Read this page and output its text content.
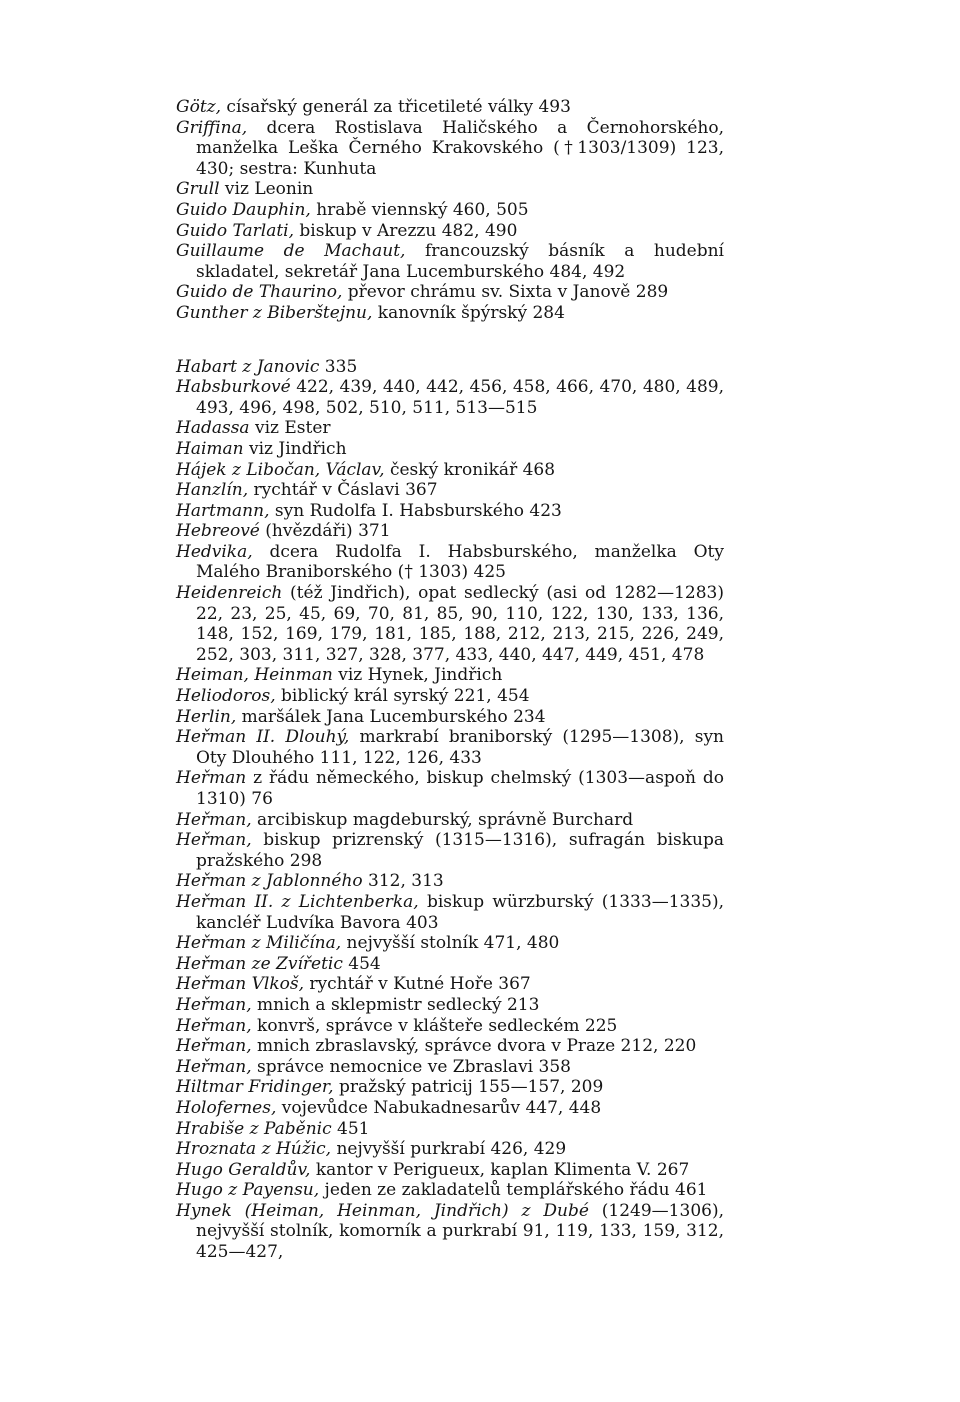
Götz, císařský generál za třicetileté války 493
Griffina, dcera Rostislava Haličského a Černohorského, manželka Leška Černého Krakovského (†1303/1309) 123, 430; sestra: Kunhuta
Grull viz Leonin
Guido Dauphin, hrabě viennský 460, 505
Guido Tarlati, biskup v Arezzu 482, 490
Guillaume de Machaut, francouzský básník a hudební skladatel, sekretář Jana Lucemburského 484, 492
Guido de Thaurino, převor chrámu sv. Sixta v Janově 289
Gunther z Biberštejnu, kanovník špýrský 284
Habart z Janovic 335
Habsburkové 422, 439, 440, 442, 456, 458, 466, 470, 480, 489, 493, 496, 498, 502, 510, 511, 513—515
Hadassa viz Ester
Haiman viz Jindřich
Hájek z Libočan, Václav, český kronikář 468
Hanzlín, rychtář v Čáslavi 367
Hartmann, syn Rudolfa I. Habsburského 423
Hebreové (hvězdáři) 371
Hedvika, dcera Rudolfa I. Habsburského, manželka Oty Malého Braniborského († 1303) 425
Heidenreich (též Jindřich), opat sedlecký (asi od 1282—1283) 22, 23, 25, 45, 69, 70, 81, 85, 90, 110, 122, 130, 133, 136, 148, 152, 169, 179, 181, 185, 188, 212, 213, 215, 226, 249, 252, 303, 311, 327, 328, 377, 433, 440, 447, 449, 451, 478
Heiman, Heinman viz Hynek, Jindřich
Heliodoros, biblický král syrský 221, 454
Herlin, maršálek Jana Lucemburského 234
Heřman II. Dlouhý, markrabí braniborský (1295—1308), syn Oty Dlouhého 111, 122, 126, 433
Heřman z řádu německého, biskup chelmský (1303—aspoň do 1310) 76
Heřman, arcibiskup magdeburský, správně Burchard
Heřman, biskup prizrenský (1315—1316), sufragán biskupa pražského 298
Heřman z Jablonného 312, 313
Heřman II. z Lichtenberka, biskup würzburský (1333—1335), kancléř Ludvíka Bavora 403
Heřman z Miličína, nejvyšší stolník 471, 480
Heřman ze Zvířetic 454
Heřman Vlkoš, rychtář v Kutné Hoře 367
Heřman, mnich a sklepmistr sedlecký 213
Heřman, konvrš, správce v klášteře sedleckém 225
Heřman, mnich zbraslavský, správce dvora v Praze 212, 220
Heřman, správce nemocnice ve Zbraslavi 358
Hiltmar Fridinger, pražský patricij 155—157, 209
Holofernes, vojevůdce Nabukadnesarův 447, 448
Hrabiše z Paběnic 451
Hroznata z Húžic, nejvyšší purkrabí 426, 429
Hugo Geraldův, kantor v Perigueux, kaplan Klimenta V. 267
Hugo z Payensu, jeden ze zakladatelů templářského řádu 461
Hynek (Heiman, Heinman, Jindřich) z Dubé (1249—1306), nejvyšší stolník, komorník a purkrabí 91, 119, 133, 159, 312, 425—427,
